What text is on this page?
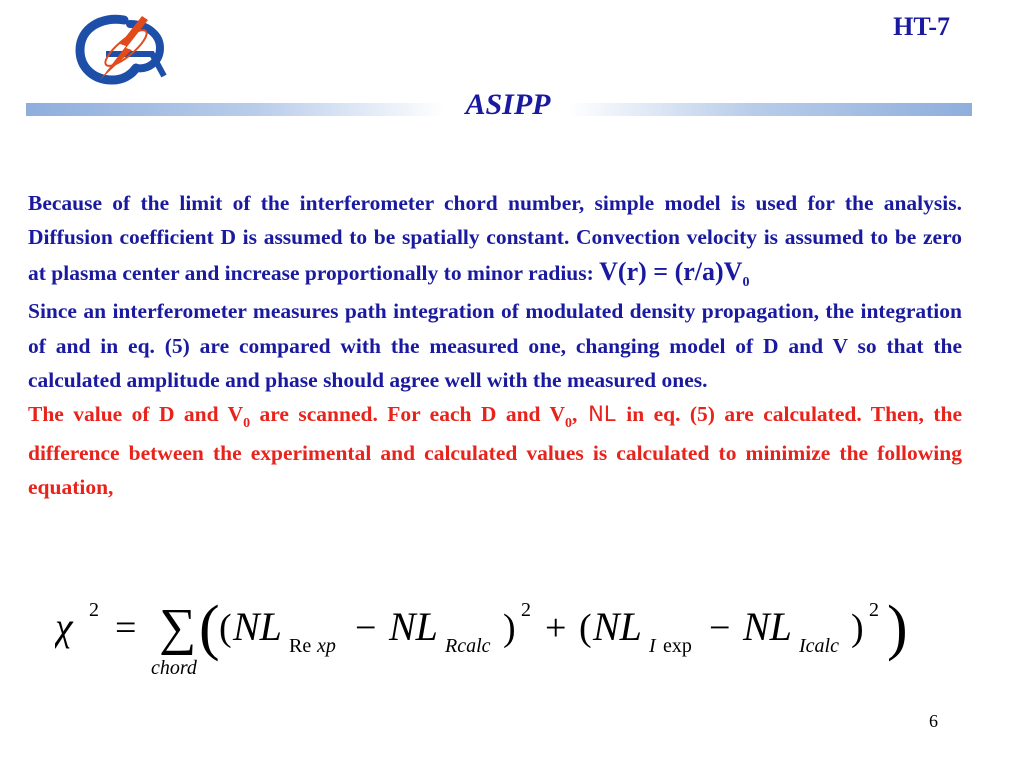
HT-7
ASIPP

Because of the limit of the interferometer chord number, simple model is used for the analysis. Diffusion coefficient D is assumed to be spatially constant. Convection velocity is assumed to be zero at plasma center and increase proportionally to minor radius: $V(r) = (r/a)V_0$

Since an interferometer measures path integration of modulated density propagation, the integration of and in eq. (5) are compared with the measured one, changing model of D and V so that the calculated amplitude and phase should agree well with the measured ones.

The value of D and $V_0$ are scanned. For each D and $V_0$, NL in eq. (5) are calculated. Then, the difference between the experimental and calculated values is calculated to minimize the following equation,

χ 2 = ∑
chord
( ( NL Re xp − NL Rcalc ) 2 + ( NL I exp − NL Icalc ) 2 )
6
